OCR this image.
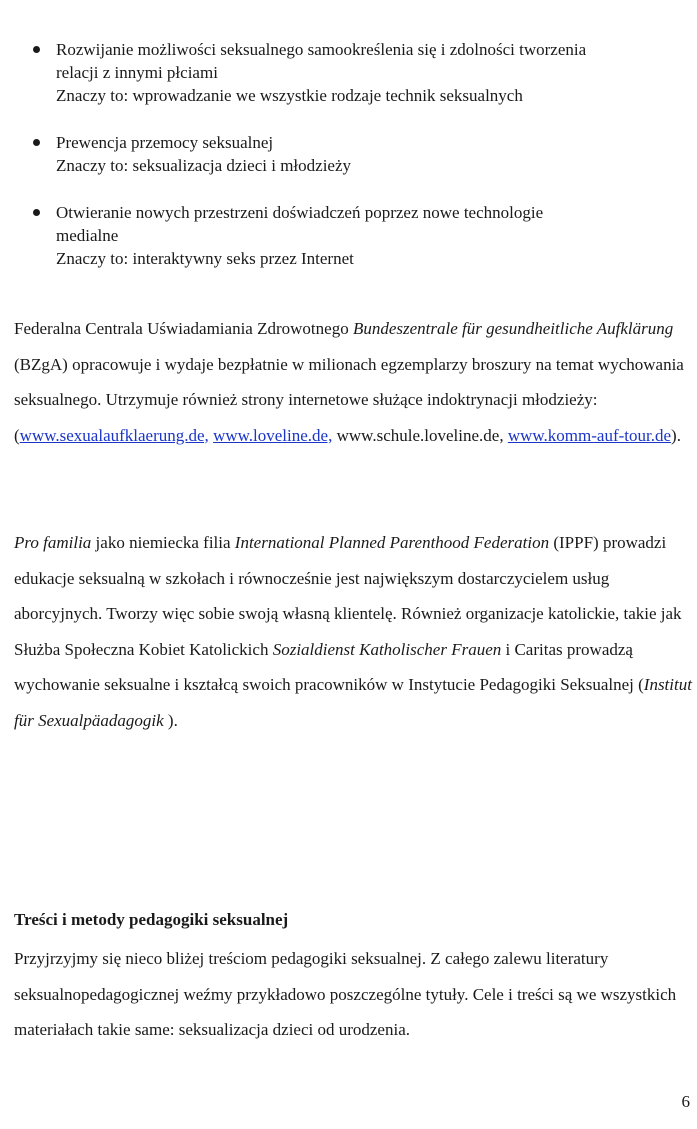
Rozwijanie możliwości seksualnego samookreślenia się i zdolności tworzenia
relacji z innymi płciami
Znaczy to: wprowadzanie we wszystkie rodzaje technik seksualnych
Prewencja przemocy seksualnej
Znaczy to: seksualizacja dzieci i młodzieży
Otwieranie nowych przestrzeni doświadczeń poprzez nowe technologie
medialne
Znaczy to: interaktywny seks przez Internet

Federalna Centrala Uświadamiania Zdrowotnego Bundeszentrale für gesundheitliche Aufklärung (BZgA) opracowuje i wydaje bezpłatnie w milionach egzemplarzy broszury na temat wychowania seksualnego. Utrzymuje również strony internetowe służące indoktrynacji młodzieży: (www.sexualaufklaerung.de, www.loveline.de, www.schule.loveline.de, www.komm-auf-tour.de).

Pro familia jako niemiecka filia International Planned Parenthood Federation (IPPF) prowadzi edukacje seksualną w szkołach i równocześnie jest największym dostarczycielem usług aborcyjnych. Tworzy więc sobie swoją własną klientelę. Również organizacje katolickie, takie jak Służba Społeczna Kobiet Katolickich Sozialdienst Katholischer Frauen i Caritas prowadzą wychowanie seksualne i kształcą swoich pracowników w Instytucie Pedagogiki Seksualnej (Institut für Sexualpäadagogik ).

Treści i metody pedagogiki seksualnej
Przyjrzyjmy się nieco bliżej treściom pedagogiki seksualnej. Z całego zalewu literatury seksualnopedagogicznej weźmy przykładowo poszczególne tytuły. Cele i treści są we wszystkich materiałach takie same: seksualizacja dzieci od urodzenia.
6
